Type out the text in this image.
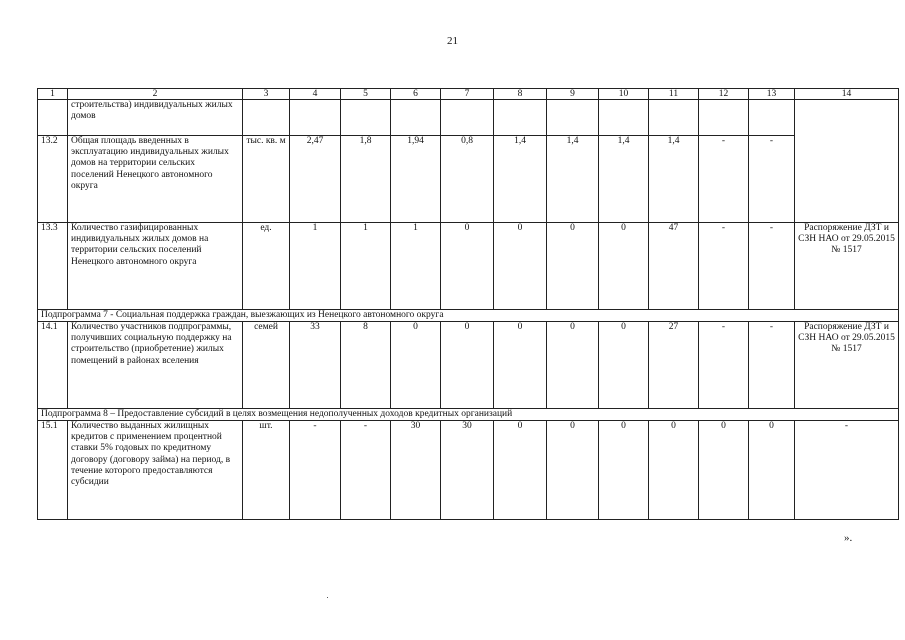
21
1	2	3	4	5	6	7	8	9	10	11	12	13	14
	строительства) индивидуальных жилых домов												
13.2	Общая площадь введенных в эксплуатацию индивидуальных жилых домов на территории сельских поселений Ненецкого автономного округа	тыс. кв. м	2,47	1,8	1,94	0,8	1,4	1,4	1,4	1,4	-	-	
13.3	Количество газифицированных индивидуальных жилых домов на территории сельских поселений Ненецкого автономного округа	ед.	1	1	1	0	0	0	0	47	-	-	Распоряжение ДЗТ и СЗН НАО от 29.05.2015 № 1517
Подпрограмма 7 - Социальная поддержка граждан, выезжающих из Ненецкого автономного округа													
14.1	Количество участников подпрограммы, получивших социальную поддержку на строительство (приобретение) жилых помещений в районах вселения	семей	33	8	0	0	0	0	0	27	-	-	Распоряжение ДЗТ и СЗН НАО от 29.05.2015 № 1517
Подпрограмма 8 – Предоставление субсидий в целях возмещения недополученных доходов кредитных организаций													
15.1	Количество выданных жилищных кредитов с применением процентной ставки 5% годовых по кредитному договору (договору займа) на период, в течение которого предоставляются субсидии	шт.	-	-	30	30	0	0	0	0	0	0	-
».
